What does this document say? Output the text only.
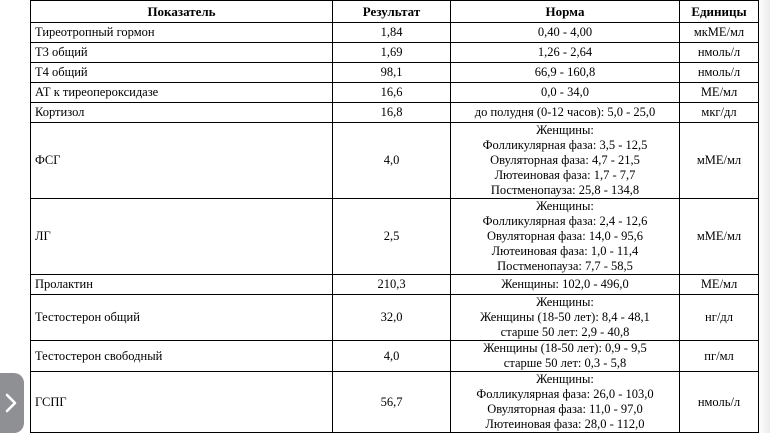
Показатель	Результат	Норма	Единицы
Тиреотропный гормон	1,84	0,40 - 4,00	мкМЕ/мл
Т3 общий	1,69	1,26 - 2,64	нмоль/л
Т4 общий	98,1	66,9 - 160,8	нмоль/л
АТ к тиреопероксидазе	16,6	0,0 - 34,0	МЕ/мл
Кортизол	16,8	до полудня (0-12 часов): 5,0 - 25,0	мкг/дл
ФСГ	4,0	Женщины:
Фолликулярная фаза: 3,5 - 12,5
Овуляторная фаза: 4,7 - 21,5
Лютеиновая фаза: 1,7 - 7,7
Постменопауза: 25,8 - 134,8	мМЕ/мл
ЛГ	2,5	Женщины:
Фолликулярная фаза: 2,4 - 12,6
Овуляторная фаза: 14,0 - 95,6
Лютеиновая фаза: 1,0 - 11,4
Постменопауза: 7,7 - 58,5	мМЕ/мл
Пролактин	210,3	Женщины: 102,0 - 496,0	МЕ/мл
Тестостерон общий	32,0	Женщины:
Женщины (18-50 лет): 8,4 - 48,1
старше 50 лет: 2,9 - 40,8	нг/дл
Тестостерон свободный	4,0	Женщины (18-50 лет): 0,9 - 9,5
старше 50 лет: 0,3 - 5,8	пг/мл
ГСПГ	56,7	Женщины:
Фолликулярная фаза: 26,0 - 103,0
Овуляторная фаза: 11,0 - 97,0
Лютеиновая фаза: 28,0 - 112,0	нмоль/л
